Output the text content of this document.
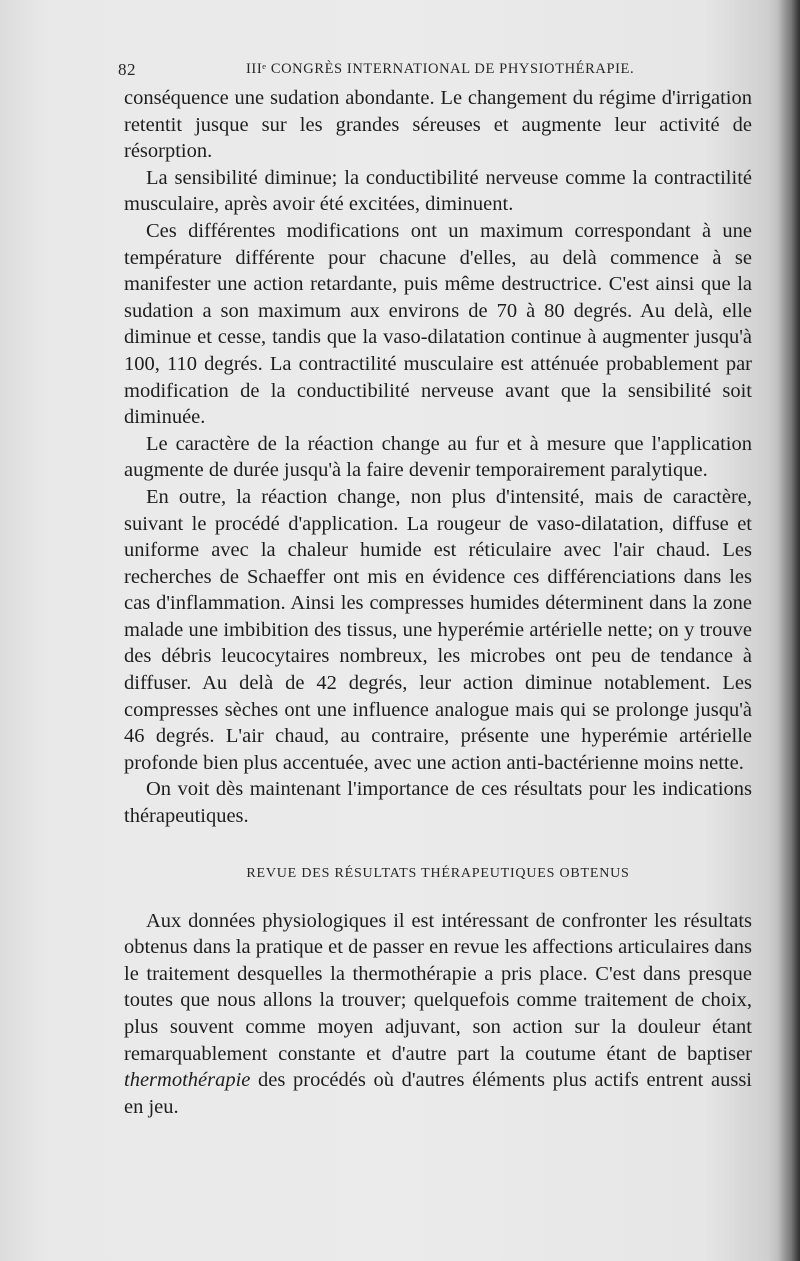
82	IIIᵉ CONGRÈS INTERNATIONAL DE PHYSIOTHÉRAPIE.

conséquence une sudation abondante. Le changement du régime d'irrigation retentit jusque sur les grandes séreuses et augmente leur activité de résorption.

La sensibilité diminue; la conductibilité nerveuse comme la contractilité musculaire, après avoir été excitées, diminuent.

Ces différentes modifications ont un maximum correspondant à une température différente pour chacune d'elles, au delà commence à se manifester une action retardante, puis même destructrice. C'est ainsi que la sudation a son maximum aux environs de 70 à 80 degrés. Au delà, elle diminue et cesse, tandis que la vaso-dilatation continue à augmenter jusqu'à 100, 110 degrés. La contractilité musculaire est atténuée probablement par modification de la conductibilité nerveuse avant que la sensibilité soit diminuée.

Le caractère de la réaction change au fur et à mesure que l'application augmente de durée jusqu'à la faire devenir temporairement paralytique.

En outre, la réaction change, non plus d'intensité, mais de caractère, suivant le procédé d'application. La rougeur de vaso-dilatation, diffuse et uniforme avec la chaleur humide est réticulaire avec l'air chaud. Les recherches de Schaeffer ont mis en évidence ces différenciations dans les cas d'inflammation. Ainsi les compresses humides déterminent dans la zone malade une imbibition des tissus, une hyperémie artérielle nette; on y trouve des débris leucocytaires nombreux, les microbes ont peu de tendance à diffuser. Au delà de 42 degrés, leur action diminue notablement. Les compresses sèches ont une influence analogue mais qui se prolonge jusqu'à 46 degrés. L'air chaud, au contraire, présente une hyperémie artérielle profonde bien plus accentuée, avec une action anti-bactérienne moins nette.

On voit dès maintenant l'importance de ces résultats pour les indications thérapeutiques.

REVUE DES RÉSULTATS THÉRAPEUTIQUES OBTENUS

Aux données physiologiques il est intéressant de confronter les résultats obtenus dans la pratique et de passer en revue les affections articulaires dans le traitement desquelles la thermothérapie a pris place. C'est dans presque toutes que nous allons la trouver; quelquefois comme traitement de choix, plus souvent comme moyen adjuvant, son action sur la douleur étant remarquablement constante et d'autre part la coutume étant de baptiser thermothérapie des procédés où d'autres éléments plus actifs entrent aussi en jeu.
